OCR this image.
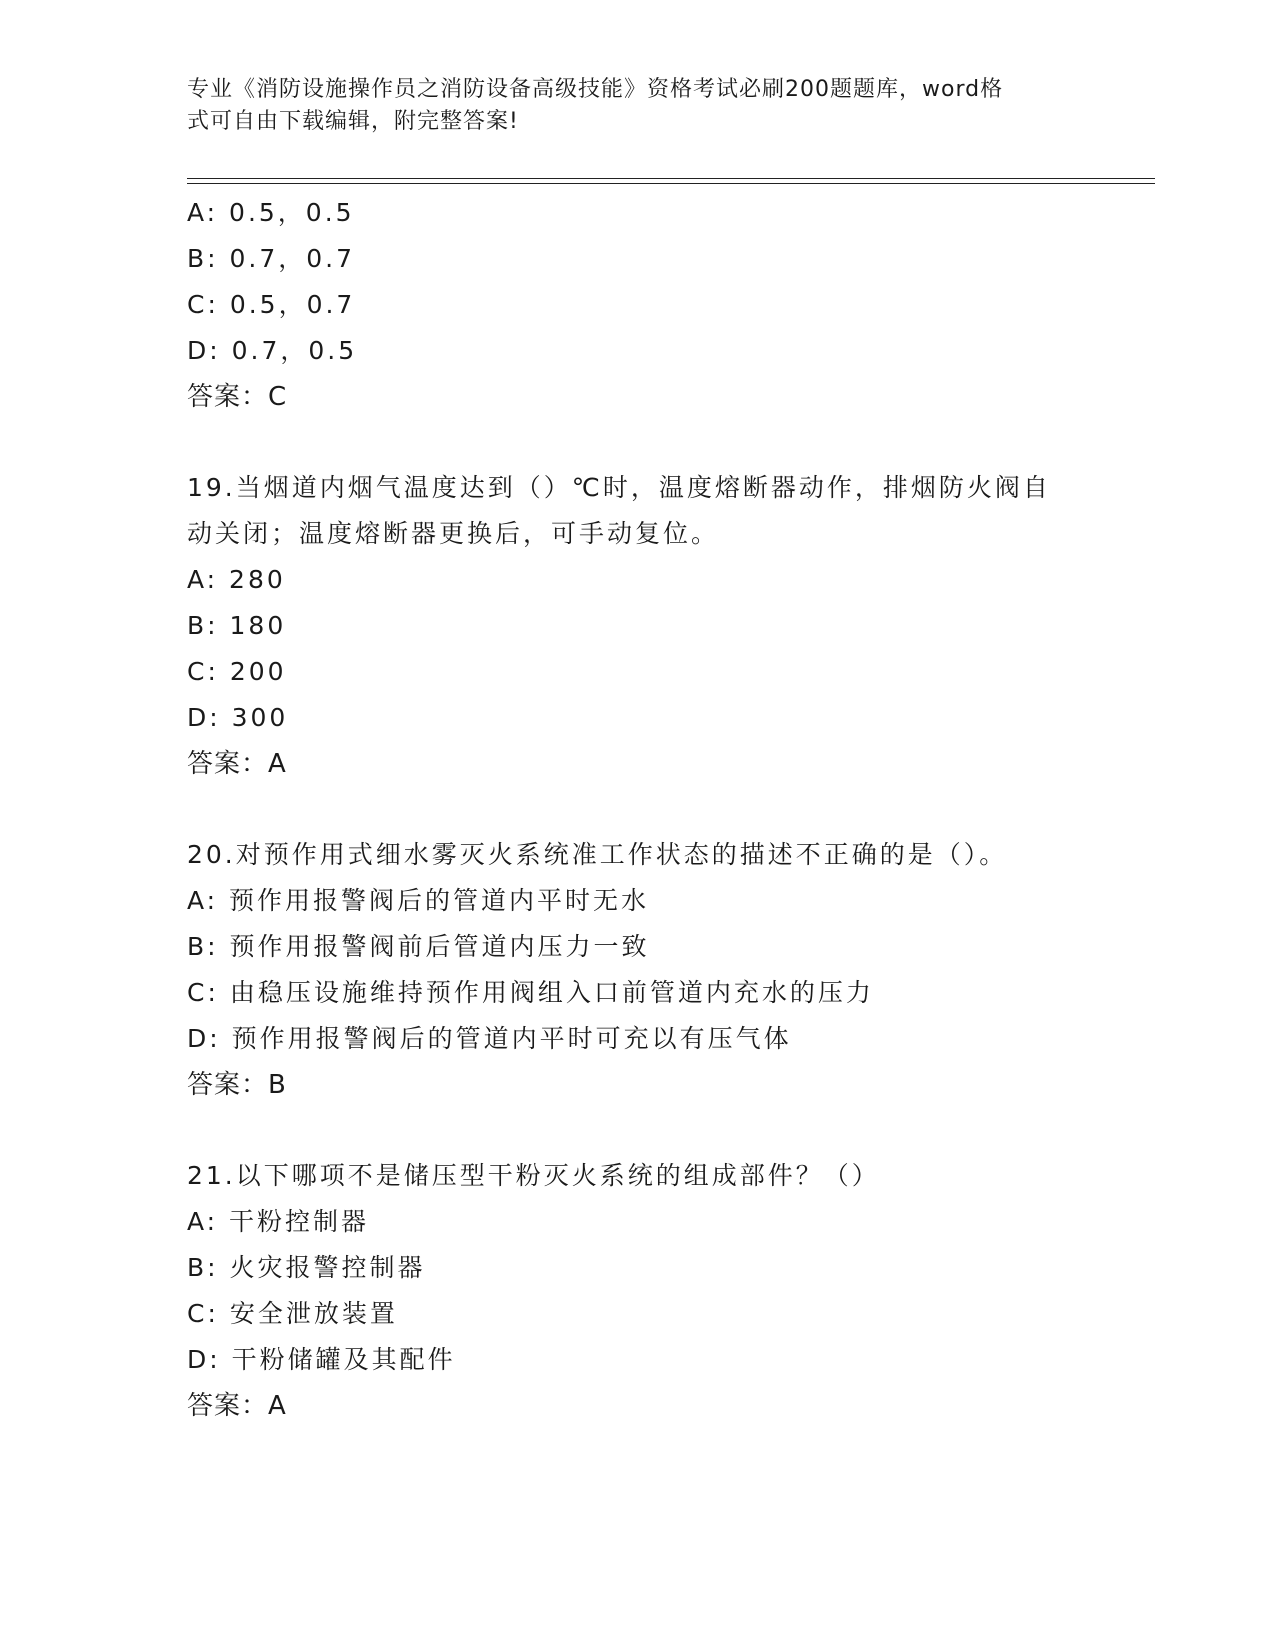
专业《消防设施操作员之消防设备高级技能》资格考试必刷200题题库，word格
式可自由下载编辑，附完整答案!
A: 0.5，0.5
B: 0.7，0.7
C: 0.5，0.7
D: 0.7，0.5
答案：C
19.当烟道内烟气温度达到（）℃时，温度熔断器动作，排烟防火阀自
动关闭；温度熔断器更换后，可手动复位。
A: 280
B: 180
C: 200
D: 300
答案：A
20.对预作用式细水雾灭火系统准工作状态的描述不正确的是（）。
A: 预作用报警阀后的管道内平时无水
B: 预作用报警阀前后管道内压力一致
C: 由稳压设施维持预作用阀组入口前管道内充水的压力
D: 预作用报警阀后的管道内平时可充以有压气体
答案：B
21.以下哪项不是储压型干粉灭火系统的组成部件？（）
A: 干粉控制器
B: 火灾报警控制器
C: 安全泄放装置
D: 干粉储罐及其配件
答案：A
